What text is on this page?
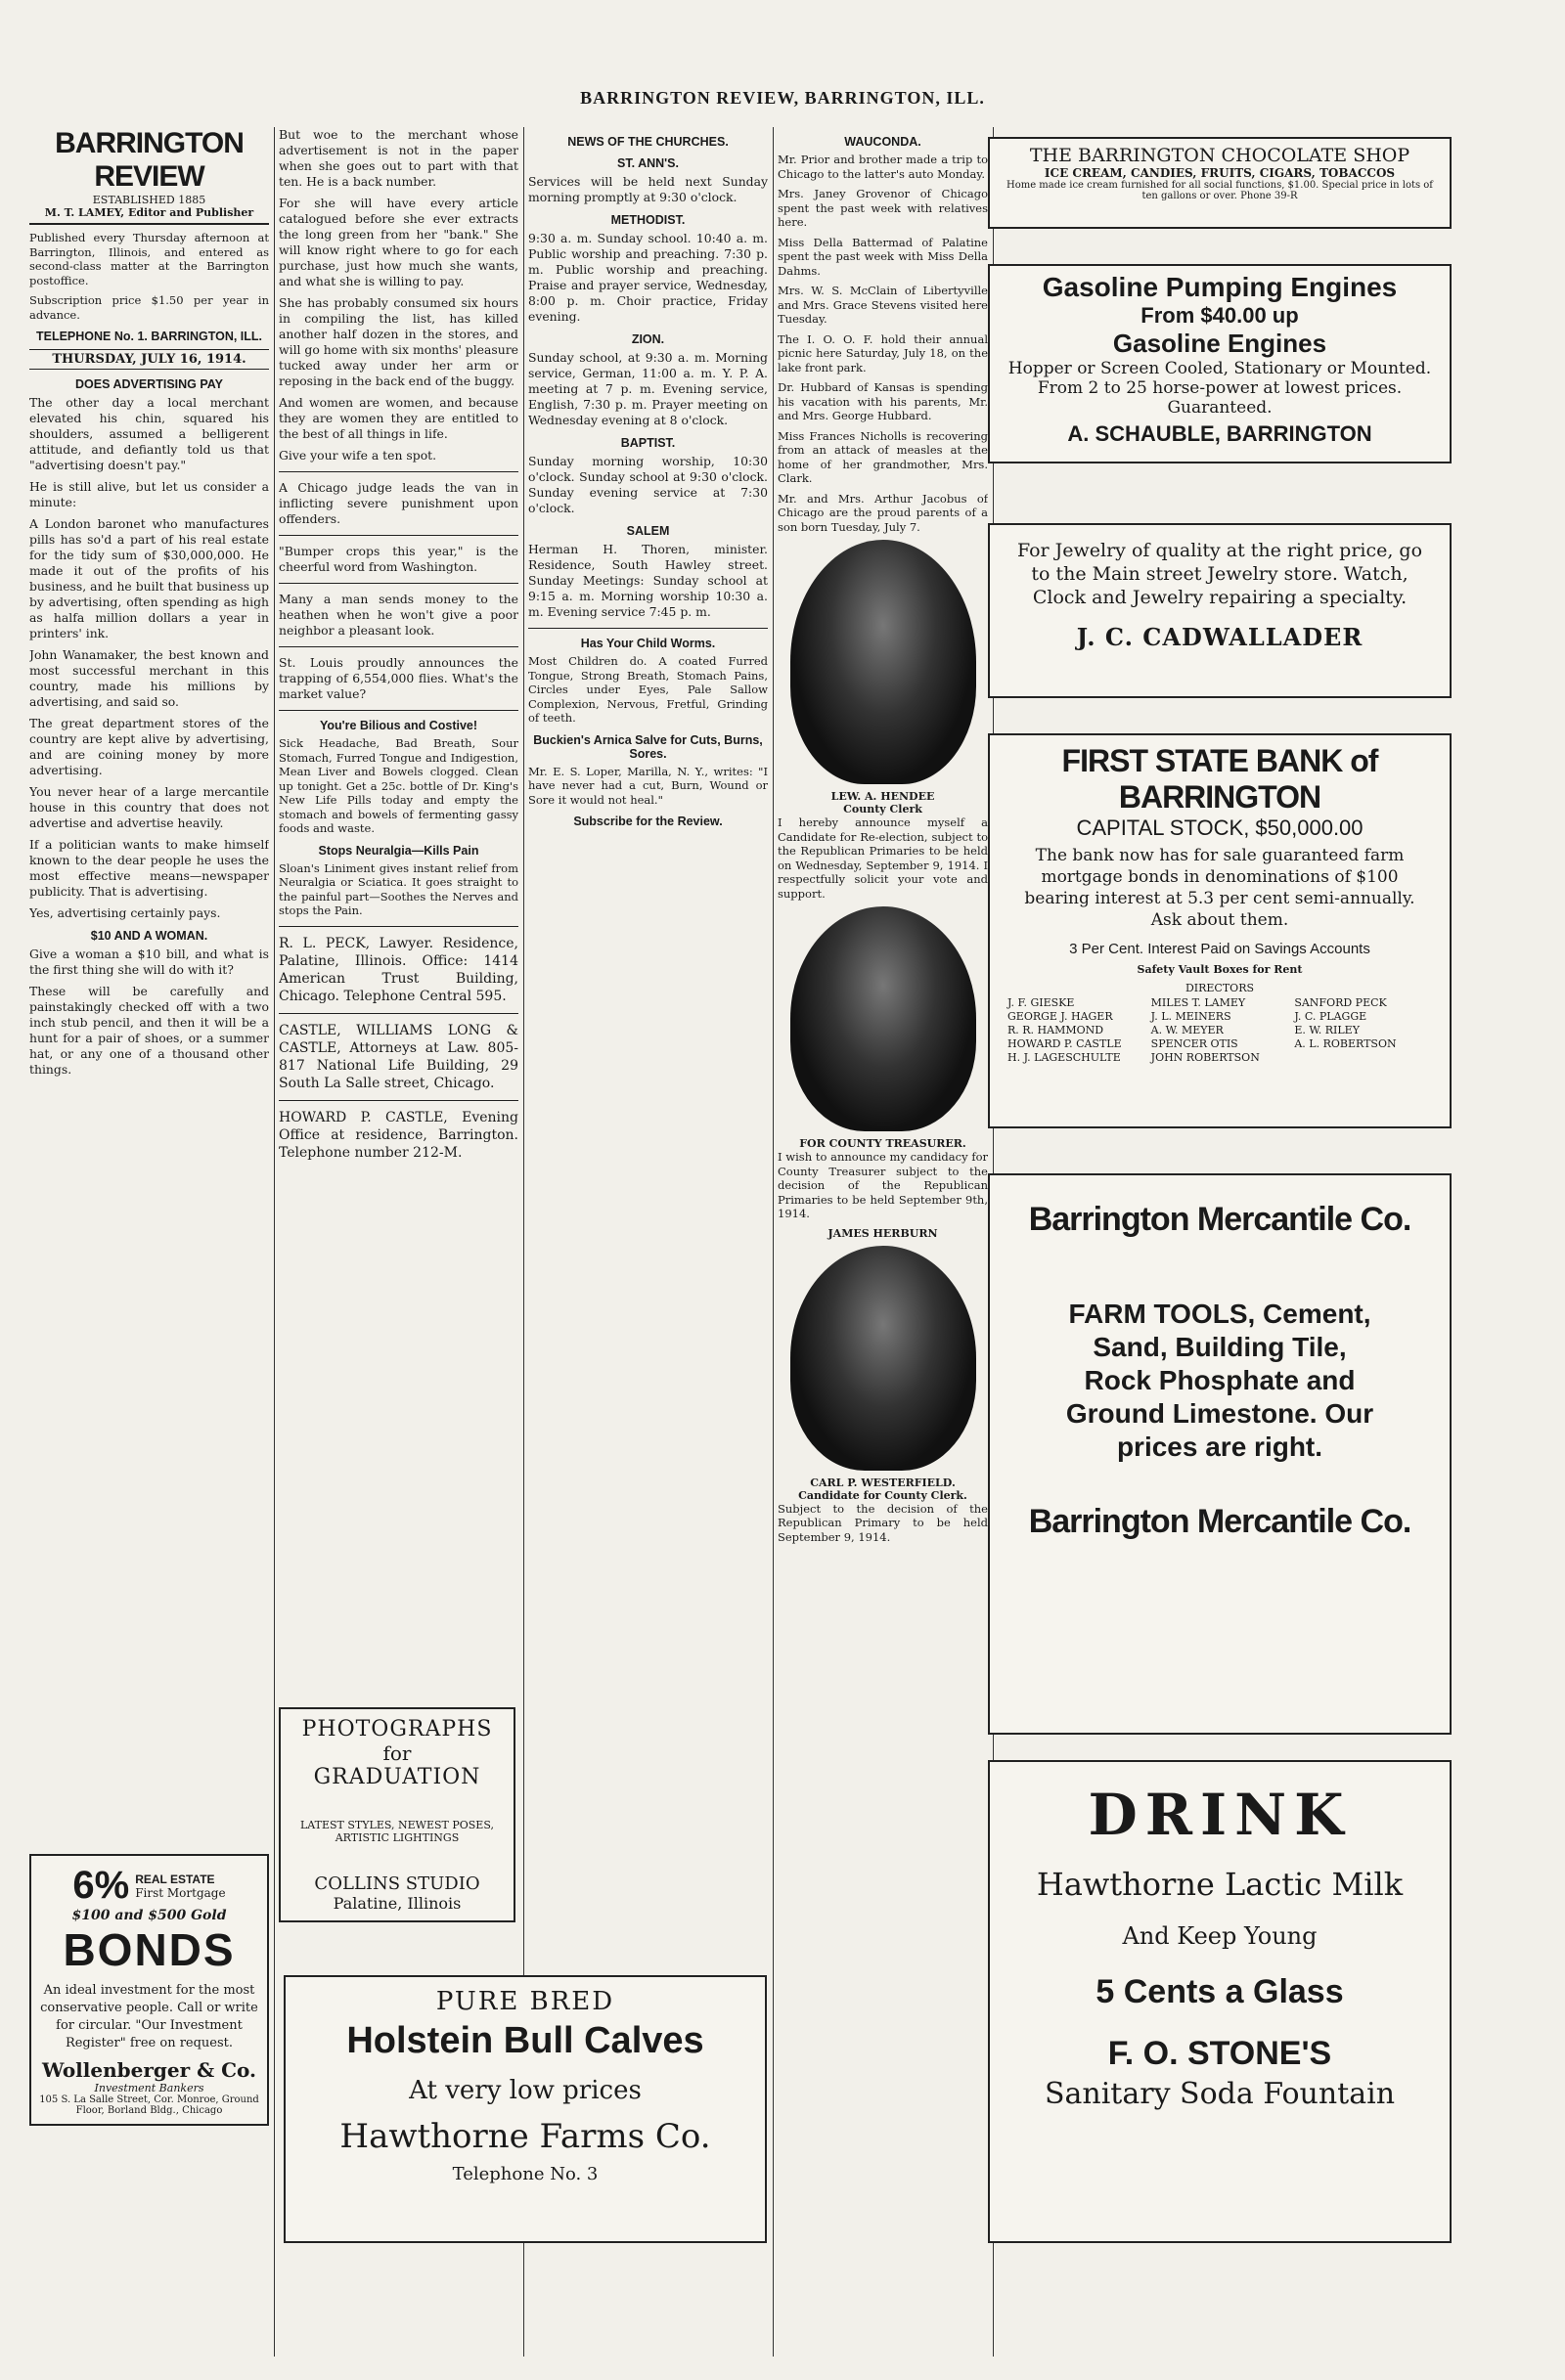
BARRINGTON REVIEW, BARRINGTON, ILL.
BARRINGTON REVIEW
ESTABLISHED 1885
M. T. LAMEY, Editor and Publisher

Published every Thursday afternoon at Barrington, Illinois, and entered as second-class matter at the Barrington postoffice.

Subscription price $1.50 per year in advance.

TELEPHONE No. 1. BARRINGTON, ILL.
THURSDAY, JULY 16, 1914.
DOES ADVERTISING PAY

The other day a local merchant elevated his chin, squared his shoulders, assumed a belligerent attitude, and defiantly told us that "advertising doesn't pay."

He is still alive, but let us consider a minute:

A London baronet who manufactures pills has so'd a part of his real estate for the tidy sum of $30,000,000. He made it out of the profits of his business, and he built that business up by advertising, often spending as high as halfa million dollars a year in printers' ink.

John Wanamaker, the best known and most successful merchant in this country, made his millions by advertising, and said so.

The great department stores of the country are kept alive by advertising, and are coining money by more advertising.

You never hear of a large mercantile house in this country that does not advertise and advertise heavily.

If a politician wants to make himself known to the dear people he uses the most effective means—newspaper publicity. That is advertising.

Yes, advertising certainly pays.

$10 AND A WOMAN.

Give a woman a $10 bill, and what is the first thing she will do with it?

These will be carefully and painstakingly checked off with a two inch stub pencil, and then it will be a hunt for a pair of shoes, or a summer hat, or any one of a thousand other things.

6% REAL ESTATE
First Mortgage
$100 and $500 Gold
BONDS
An ideal investment for the most conservative people. Call or write for circular. "Our Investment Register" free on request.
Wollenberger & Co.
Investment Bankers
105 S. La Salle Street, Cor. Monroe, Ground Floor, Borland Bldg., Chicago

But woe to the merchant whose advertisement is not in the paper when she goes out to part with that ten. He is a back number.

For she will have every article catalogued before she ever extracts the long green from her "bank." She will know right where to go for each purchase, just how much she wants, and what she is willing to pay.

She has probably consumed six hours in compiling the list, has killed another half dozen in the stores, and will go home with six months' pleasure tucked away under her arm or reposing in the back end of the buggy.

And women are women, and because they are women they are entitled to the best of all things in life.

Give your wife a ten spot.

A Chicago judge leads the van in inflicting severe punishment upon offenders.

"Bumper crops this year," is the cheerful word from Washington.

Many a man sends money to the heathen when he won't give a poor neighbor a pleasant look.

St. Louis proudly announces the trapping of 6,554,000 flies. What's the market value?

You're Bilious and Costive!

Sick Headache, Bad Breath, Sour Stomach, Furred Tongue and Indigestion, Mean Liver and Bowels clogged. Clean up tonight. Get a 25c. bottle of Dr. King's New Life Pills today and empty the stomach and bowels of fermenting gassy foods and waste.

Stops Neuralgia—Kills Pain

Sloan's Liniment gives instant relief from Neuralgia or Sciatica. It goes straight to the painful part—Soothes the Nerves and stops the Pain.

R. L. PECK, Lawyer. Residence, Palatine, Illinois. Office: 1414 American Trust Building, Chicago. Telephone Central 595.

CASTLE, WILLIAMS LONG & CASTLE, Attorneys at Law. 805-817 National Life Building, 29 South La Salle street, Chicago.

HOWARD P. CASTLE, Evening Office at residence, Barrington. Telephone number 212-M.

PHOTOGRAPHS
for
GRADUATION
LATEST STYLES, NEWEST POSES, ARTISTIC LIGHTINGS
COLLINS STUDIO
Palatine, Illinois
NEWS OF THE CHURCHES.
ST. ANN'S.

Services will be held next Sunday morning promptly at 9:30 o'clock.

METHODIST.

9:30 a. m. Sunday school. 10:40 a. m. Public worship and preaching. 7:30 p. m. Public worship and preaching. Praise and prayer service, Wednesday, 8:00 p. m. Choir practice, Friday evening.

ZION.

Sunday school, at 9:30 a. m. Morning service, German, 11:00 a. m. Y. P. A. meeting at 7 p. m. Evening service, English, 7:30 p. m. Prayer meeting on Wednesday evening at 8 o'clock.

BAPTIST.

Sunday morning worship, 10:30 o'clock. Sunday school at 9:30 o'clock. Sunday evening service at 7:30 o'clock.

SALEM

Herman H. Thoren, minister. Residence, South Hawley street. Sunday Meetings: Sunday school at 9:15 a. m. Morning worship 10:30 a. m. Evening service 7:45 p. m.

Has Your Child Worms.

Most Children do. A coated Furred Tongue, Strong Breath, Stomach Pains, Circles under Eyes, Pale Sallow Complexion, Nervous, Fretful, Grinding of teeth.

Buckien's Arnica Salve for Cuts, Burns, Sores.

Mr. E. S. Loper, Marilla, N. Y., writes: "I have never had a cut, Burn, Wound or Sore it would not heal."

Subscribe for the Review.
PURE BRED
Holstein Bull Calves
At very low prices
Hawthorne Farms Co.
Telephone No. 3
WAUCONDA.

Mr. Prior and brother made a trip to Chicago to the latter's auto Monday.

Mrs. Janey Grovenor of Chicago spent the past week with relatives here.

Miss Della Battermad of Palatine spent the past week with Miss Della Dahms.

Mrs. W. S. McClain of Libertyville and Mrs. Grace Stevens visited here Tuesday.

The I. O. O. F. hold their annual picnic here Saturday, July 18, on the lake front park.

Dr. Hubbard of Kansas is spending his vacation with his parents, Mr. and Mrs. George Hubbard.

Miss Frances Nicholls is recovering from an attack of measles at the home of her grandmother, Mrs. Clark.

Mr. and Mrs. Arthur Jacobus of Chicago are the proud parents of a son born Tuesday, July 7.

LEW. A. HENDEE
County Clerk

I hereby announce myself a Candidate for Re-election, subject to the Republican Primaries to be held on Wednesday, September 9, 1914. I respectfully solicit your vote and support.

FOR COUNTY TREASURER.

I wish to announce my candidacy for County Treasurer subject to the decision of the Republican Primaries to be held September 9th, 1914.

JAMES HERBURN
CARL P. WESTERFIELD.
Candidate for County Clerk.

Subject to the decision of the Republican Primary to be held September 9, 1914.

THE BARRINGTON CHOCOLATE SHOP
ICE CREAM, CANDIES, FRUITS, CIGARS, TOBACCOS
Home made ice cream furnished for all social functions, $1.00. Special price in lots of ten gallons or over. Phone 39-R
Gasoline Pumping Engines
From $40.00 up
Gasoline Engines
Hopper or Screen Cooled, Stationary or Mounted. From 2 to 25 horse-power at lowest prices. Guaranteed.
A. SCHAUBLE, BARRINGTON
For Jewelry of quality at the right price, go to the Main street Jewelry store. Watch, Clock and Jewelry repairing a specialty.
J. C. CADWALLADER
FIRST STATE BANK of BARRINGTON
CAPITAL STOCK, $50,000.00
The bank now has for sale guaranteed farm mortgage bonds in denominations of $100 bearing interest at 5.3 per cent semi-annually. Ask about them.
3 Per Cent. Interest Paid on Savings Accounts
Safety Vault Boxes for Rent
DIRECTORS
J. F. GIESKE	MILES T. LAMEY	SANFORD PECK
GEORGE J. HAGER	J. L. MEINERS	J. C. PLAGGE
R. R. HAMMOND	A. W. MEYER	E. W. RILEY
HOWARD P. CASTLE	SPENCER OTIS	A. L. ROBERTSON
H. J. LAGESCHULTE	JOHN ROBERTSON
Barrington Mercantile Co.
FARM TOOLS, Cement, Sand, Building Tile, Rock Phosphate and Ground Limestone. Our prices are right.
Barrington Mercantile Co.
DRINK
Hawthorne Lactic Milk
And Keep Young
5 Cents a Glass
F. O. STONE'S
Sanitary Soda Fountain
